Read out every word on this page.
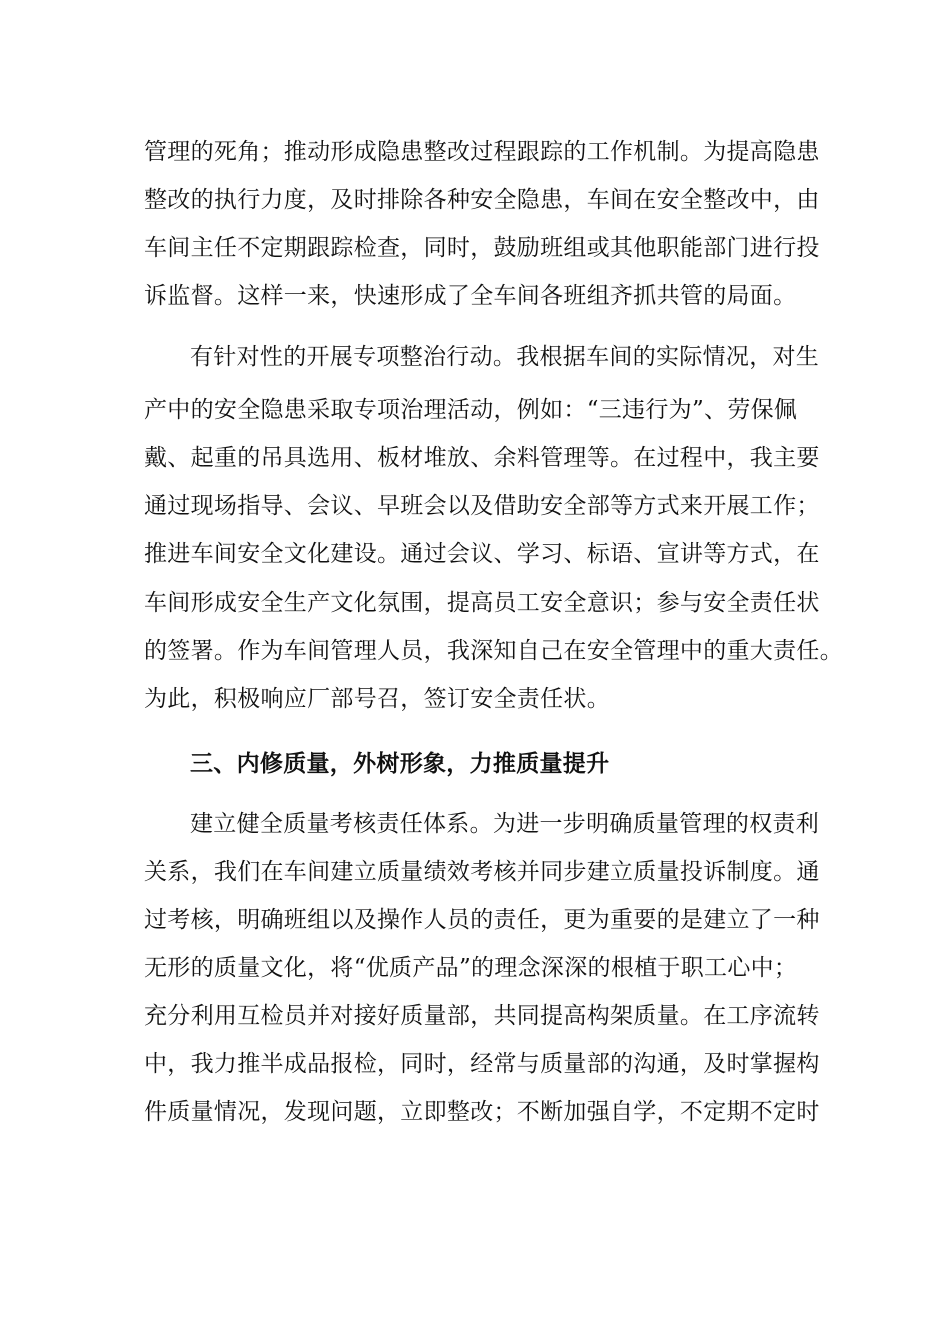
管理的死角；推动形成隐患整改过程跟踪的工作机制。为提高隐患
整改的执行力度，及时排除各种安全隐患，车间在安全整改中，由
车间主任不定期跟踪检查，同时，鼓励班组或其他职能部门进行投
诉监督。这样一来，快速形成了全车间各班组齐抓共管的局面。
有针对性的开展专项整治行动。我根据车间的实际情况，对生
产中的安全隐患采取专项治理活动，例如：“三违行为”、劳保佩
戴、起重的吊具选用、板材堆放、余料管理等。在过程中，我主要
通过现场指导、会议、早班会以及借助安全部等方式来开展工作；
推进车间安全文化建设。通过会议、学习、标语、宣讲等方式，在
车间形成安全生产文化氛围，提高员工安全意识；参与安全责任状
的签署。作为车间管理人员，我深知自己在安全管理中的重大责任。
为此，积极响应厂部号召，签订安全责任状。
三、内修质量，外树形象，力推质量提升
建立健全质量考核责任体系。为进一步明确质量管理的权责利
关系，我们在车间建立质量绩效考核并同步建立质量投诉制度。通
过考核，明确班组以及操作人员的责任，更为重要的是建立了一种
无形的质量文化，将“优质产品”的理念深深的根植于职工心中；
充分利用互检员并对接好质量部，共同提高构架质量。在工序流转
中，我力推半成品报检，同时，经常与质量部的沟通，及时掌握构
件质量情况，发现问题，立即整改；不断加强自学，不定期不定时
